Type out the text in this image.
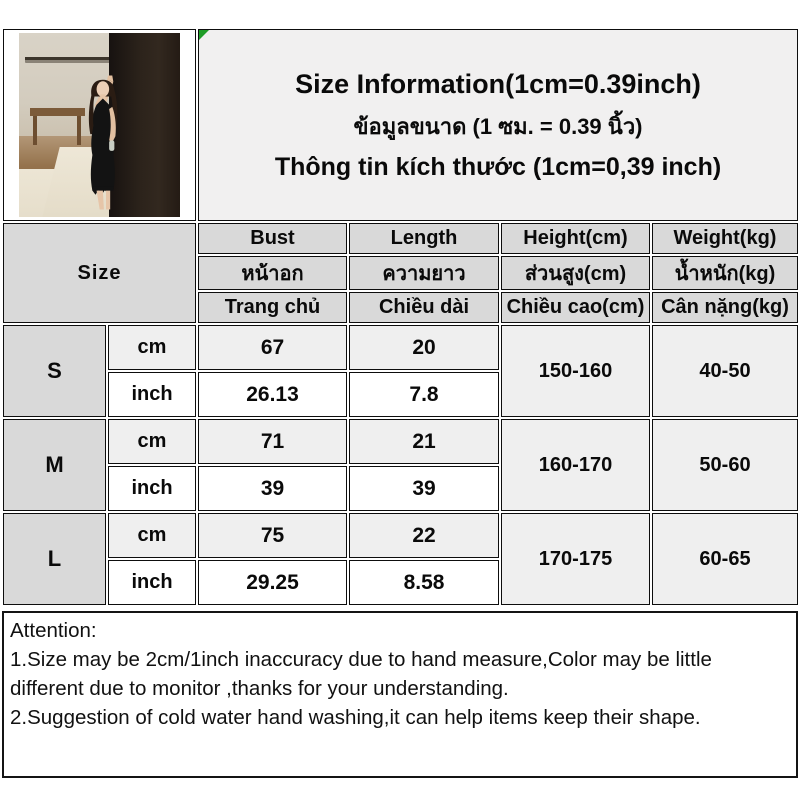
Size Information(1cm=0.39inch)
ข้อมูลขนาด (1 ซม. = 0.39 นิ้ว)
Thông tin kích thước (1cm=0,39 inch)			

Size		Bust	Length	Height(cm)	Weight(kg)
		หน้าอก	ความยาว	ส่วนสูง(cm)	น้ำหนัก(kg)
		Trang chủ	Chiều dài	Chiều cao(cm)	Cân nặng(kg)
S	cm	67	20	150-160	40-50
	inch	26.13	7.8		
M	cm	71	21	160-170	50-60
	inch	39	39		
L	cm	75	22	170-175	60-65
	inch	29.25	8.58		
Attention:
1.Size may be 2cm/1inch inaccuracy due to hand measure,Color may be little different due to monitor ,thanks for your understanding.
2.Suggestion of cold water hand washing,it can help items keep their shape.
